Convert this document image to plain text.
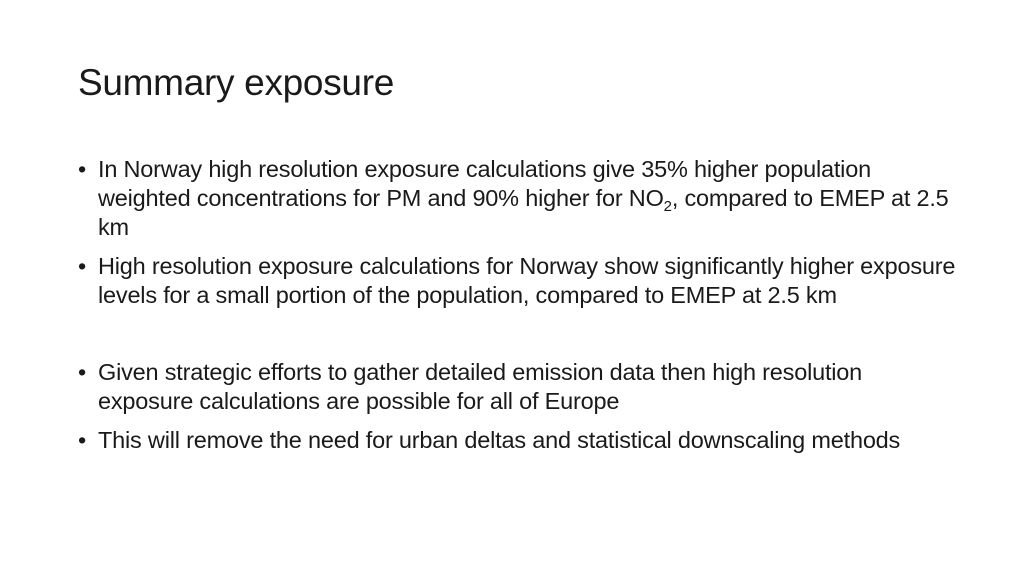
Summary exposure

• In Norway high resolution exposure calculations give 35% higher population weighted concentrations for PM and 90% higher for $NO_2$, compared to EMEP at 2.5 km

• High resolution exposure calculations for Norway show significantly higher exposure levels for a small portion of the population, compared to EMEP at 2.5 km

• Given strategic efforts to gather detailed emission data then high resolution exposure calculations are possible for all of Europe

• This will remove the need for urban deltas and statistical downscaling methods
